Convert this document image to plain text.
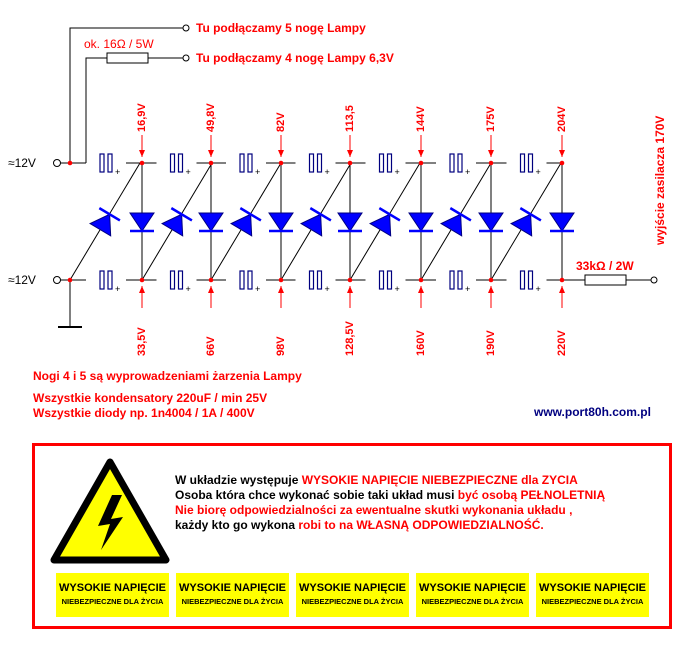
+
+
+
+
+
+
+
+
+
+
+
+
+
+
Tu podłączamy 5 nogę Lampy
Tu podłączamy 4 nogę Lampy 6,3V
ok. 16Ω / 5W
≈12V
≈12V
33kΩ / 2W
wyjście zasilacza 170V
16,9V	49,8V	82V	113,5	144V	175V	204V
33,5V	66V	98V	128,5V	160V	190V	220V
Nogi 4 i 5 są wyprowadzeniami żarzenia Lampy
Wszystkie kondensatory 220uF / min 25V
Wszystkie diody np. 1n4004 / 1A / 400V	www.port80h.com.pl
W układzie występuje WYSOKIE NAPIĘCIE NIEBEZPIECZNE dla ZYCIA
Osoba która chce wykonać sobie taki układ musi być osobą PEŁNOLETNIĄ
Nie biorę odpowiedzialności za ewentualne skutki wykonania układu ,
każdy kto go wykona robi to na WŁASNĄ ODPOWIEDZIALNOŚĆ.
WYSOKIE NAPIĘCIE
NIEBEZPIECZNE DLA ŻYCIA
WYSOKIE NAPIĘCIE
NIEBEZPIECZNE DLA ŻYCIA
WYSOKIE NAPIĘCIE
NIEBEZPIECZNE DLA ŻYCIA
WYSOKIE NAPIĘCIE
NIEBEZPIECZNE DLA ŻYCIA
WYSOKIE NAPIĘCIE
NIEBEZPIECZNE DLA ŻYCIA
